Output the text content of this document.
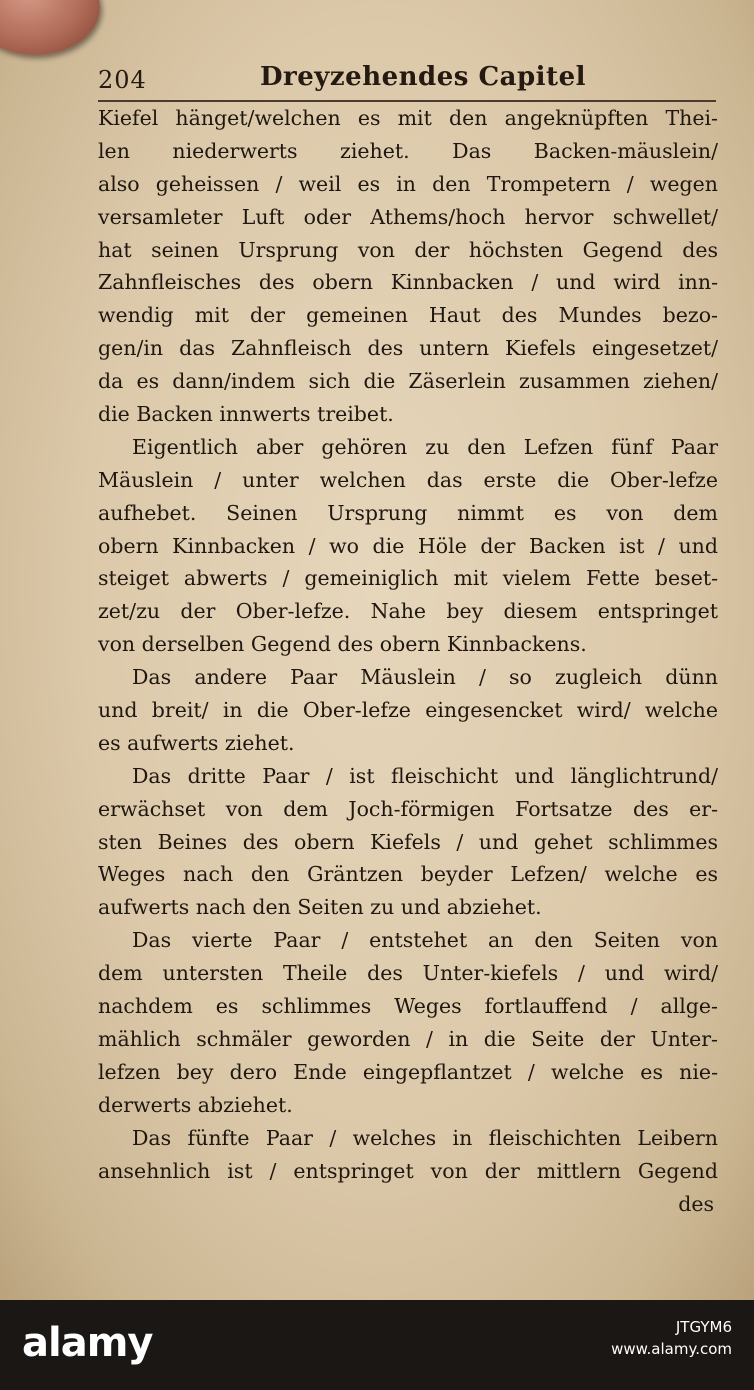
204	Dreyzehendes Capitel
Kiefel hänget/welchen es mit den angeknüpften Thei-
len niederwerts ziehet. Das Backen-mäuslein/
also geheissen / weil es in den Trompetern / wegen
versamleter Luft oder Athems/hoch hervor schwellet/
hat seinen Ursprung von der höchsten Gegend des
Zahnfleisches des obern Kinnbacken / und wird inn-
wendig mit der gemeinen Haut des Mundes bezo-
gen/in das Zahnfleisch des untern Kiefels eingesetzet/
da es dann/indem sich die Zäserlein zusammen ziehen/
die Backen innwerts treibet.
Eigentlich aber gehören zu den Lefzen fünf Paar
Mäuslein / unter welchen das erste die Ober-lefze
aufhebet. Seinen Ursprung nimmt es von dem
obern Kinnbacken / wo die Höle der Backen ist / und
steiget abwerts / gemeiniglich mit vielem Fette beset-
zet/zu der Ober-lefze. Nahe bey diesem entspringet
von derselben Gegend des obern Kinnbackens.
Das andere Paar Mäuslein / so zugleich dünn
und breit/ in die Ober-lefze eingesencket wird/ welche
es aufwerts ziehet.
Das dritte Paar / ist fleischicht und länglichtrund/
erwächset von dem Joch-förmigen Fortsatze des er-
sten Beines des obern Kiefels / und gehet schlimmes
Weges nach den Gräntzen beyder Lefzen/ welche es
aufwerts nach den Seiten zu und abziehet.
Das vierte Paar / entstehet an den Seiten von
dem untersten Theile des Unter-kiefels / und wird/
nachdem es schlimmes Weges fortlauffend / allge-
mählich schmäler geworden / in die Seite der Unter-
lefzen bey dero Ende eingepflantzet / welche es nie-
derwerts abziehet.
Das fünfte Paar / welches in fleischichten Leibern
ansehnlich ist / entspringet von der mittlern Gegend
des
alamy	JTGYM6
www.alamy.com
